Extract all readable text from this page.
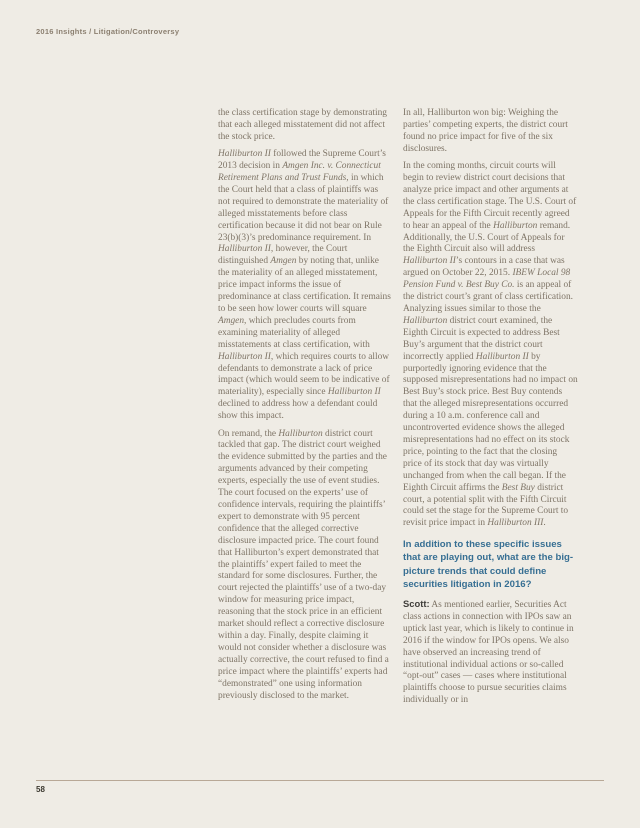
2016 Insights / Litigation/Controversy

the class certification stage by demonstrating that each alleged misstatement did not affect the stock price.

Halliburton II followed the Supreme Court’s 2013 decision in Amgen Inc. v. Connecticut Retirement Plans and Trust Funds, in which the Court held that a class of plaintiffs was not required to demonstrate the materiality of alleged misstatements before class certification because it did not bear on Rule 23(b)(3)’s predominance requirement. In Halliburton II, however, the Court distinguished Amgen by noting that, unlike the materiality of an alleged misstatement, price impact informs the issue of predominance at class certification. It remains to be seen how lower courts will square Amgen, which precludes courts from examining materiality of alleged misstatements at class certification, with Halliburton II, which requires courts to allow defendants to demonstrate a lack of price impact (which would seem to be indicative of materiality), especially since Halliburton II declined to address how a defendant could show this impact.

On remand, the Halliburton district court tackled that gap. The district court weighed the evidence submitted by the parties and the arguments advanced by their competing experts, especially the use of event studies. The court focused on the experts’ use of confidence intervals, requiring the plaintiffs’ expert to demonstrate with 95 percent confidence that the alleged corrective disclosure impacted price. The court found that Halliburton’s expert demonstrated that the plaintiffs’ expert failed to meet the standard for some disclosures. Further, the court rejected the plaintiffs’ use of a two-day window for measuring price impact, reasoning that the stock price in an efficient market should reflect a corrective disclosure within a day. Finally, despite claiming it would not consider whether a disclosure was actually corrective, the court refused to find a price impact where the plaintiffs’ experts had “demonstrated” one using information previously disclosed to the market.

In all, Halliburton won big: Weighing the parties’ competing experts, the district court found no price impact for five of the six disclosures.

In the coming months, circuit courts will begin to review district court decisions that analyze price impact and other arguments at the class certification stage. The U.S. Court of Appeals for the Fifth Circuit recently agreed to hear an appeal of the Halliburton remand. Additionally, the U.S. Court of Appeals for the Eighth Circuit also will address Halliburton II’s contours in a case that was argued on October 22, 2015. IBEW Local 98 Pension Fund v. Best Buy Co. is an appeal of the district court’s grant of class certification. Analyzing issues similar to those the Halliburton district court examined, the Eighth Circuit is expected to address Best Buy’s argument that the district court incorrectly applied Halliburton II by purportedly ignoring evidence that the supposed misrepresentations had no impact on Best Buy’s stock price. Best Buy contends that the alleged misrepresentations occurred during a 10 a.m. conference call and uncontroverted evidence shows the alleged misrepresentations had no effect on its stock price, pointing to the fact that the closing price of its stock that day was virtually unchanged from when the call began. If the Eighth Circuit affirms the Best Buy district court, a potential split with the Fifth Circuit could set the stage for the Supreme Court to revisit price impact in Halliburton III.

In addition to these specific issues that are playing out, what are the big-picture trends that could define securities litigation in 2016?

Scott: As mentioned earlier, Securities Act class actions in connection with IPOs saw an uptick last year, which is likely to continue in 2016 if the window for IPOs opens. We also have observed an increasing trend of institutional individual actions or so-called “opt-out” cases — cases where institutional plaintiffs choose to pursue securities claims individually or in

58
